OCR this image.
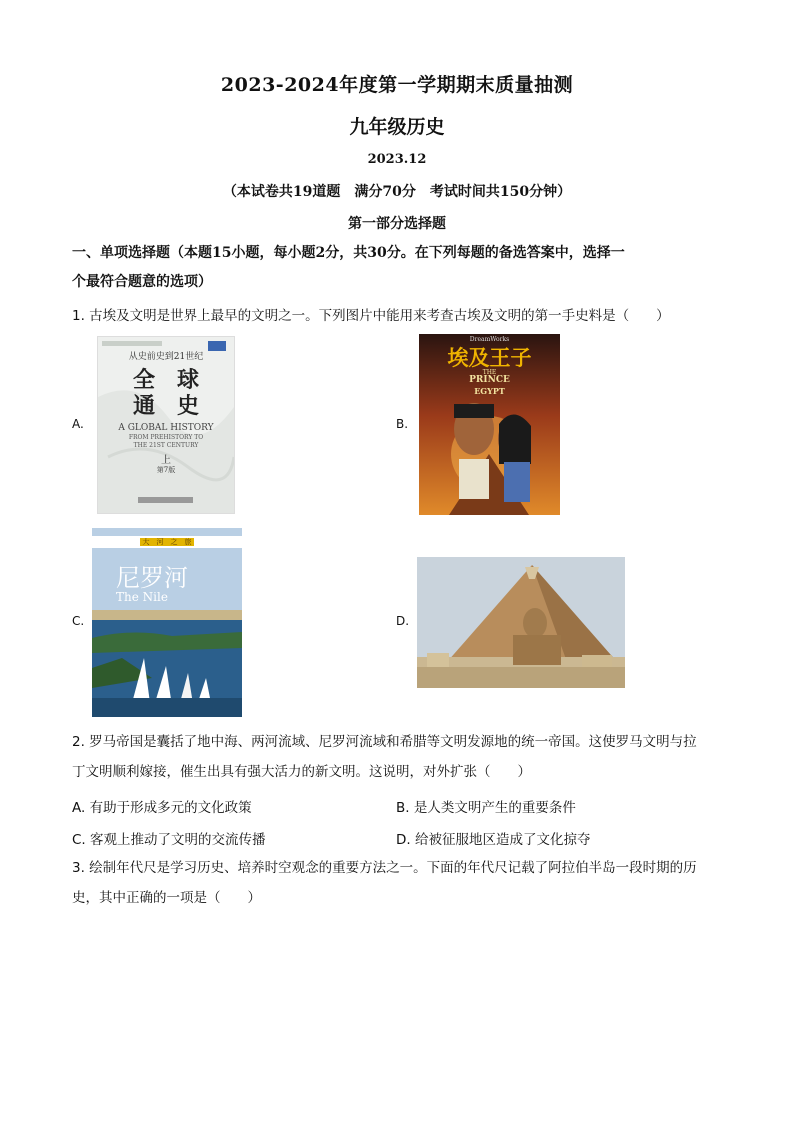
2023-2024年度第一学期期末质量抽测
九年级历史
2023.12
（本试卷共19道题　满分70分　考试时间共150分钟）
第一部分选择题
一、单项选择题（本题15小题，每小题2分，共30分。在下列每题的备选答案中，选择一
个最符合题意的选项）
1. 古埃及文明是世界上最早的文明之一。下列图片中能用来考查古埃及文明的第一手史料是（　　）
A.
从史前史到21世纪
全　球
通　史
A GLOBAL HISTORY
FROM PREHISTORY TO
THE 21ST CENTURY
上
第7版
B.
DreamWorks
埃及王子
THE
PRINCE
EGYPT
C.
大　河　之　旅
尼罗河
The Nile
D.
2. 罗马帝国是囊括了地中海、两河流域、尼罗河流域和希腊等文明发源地的统一帝国。这使罗马文明与拉
丁文明顺利嫁接，催生出具有强大活力的新文明。这说明，对外扩张（　　）
A. 有助于形成多元的文化政策	B. 是人类文明产生的重要条件
C. 客观上推动了文明的交流传播	D. 给被征服地区造成了文化掠夺
3. 绘制年代尺是学习历史、培养时空观念的重要方法之一。下面的年代尺记载了阿拉伯半岛一段时期的历
史，其中正确的一项是（　　）
